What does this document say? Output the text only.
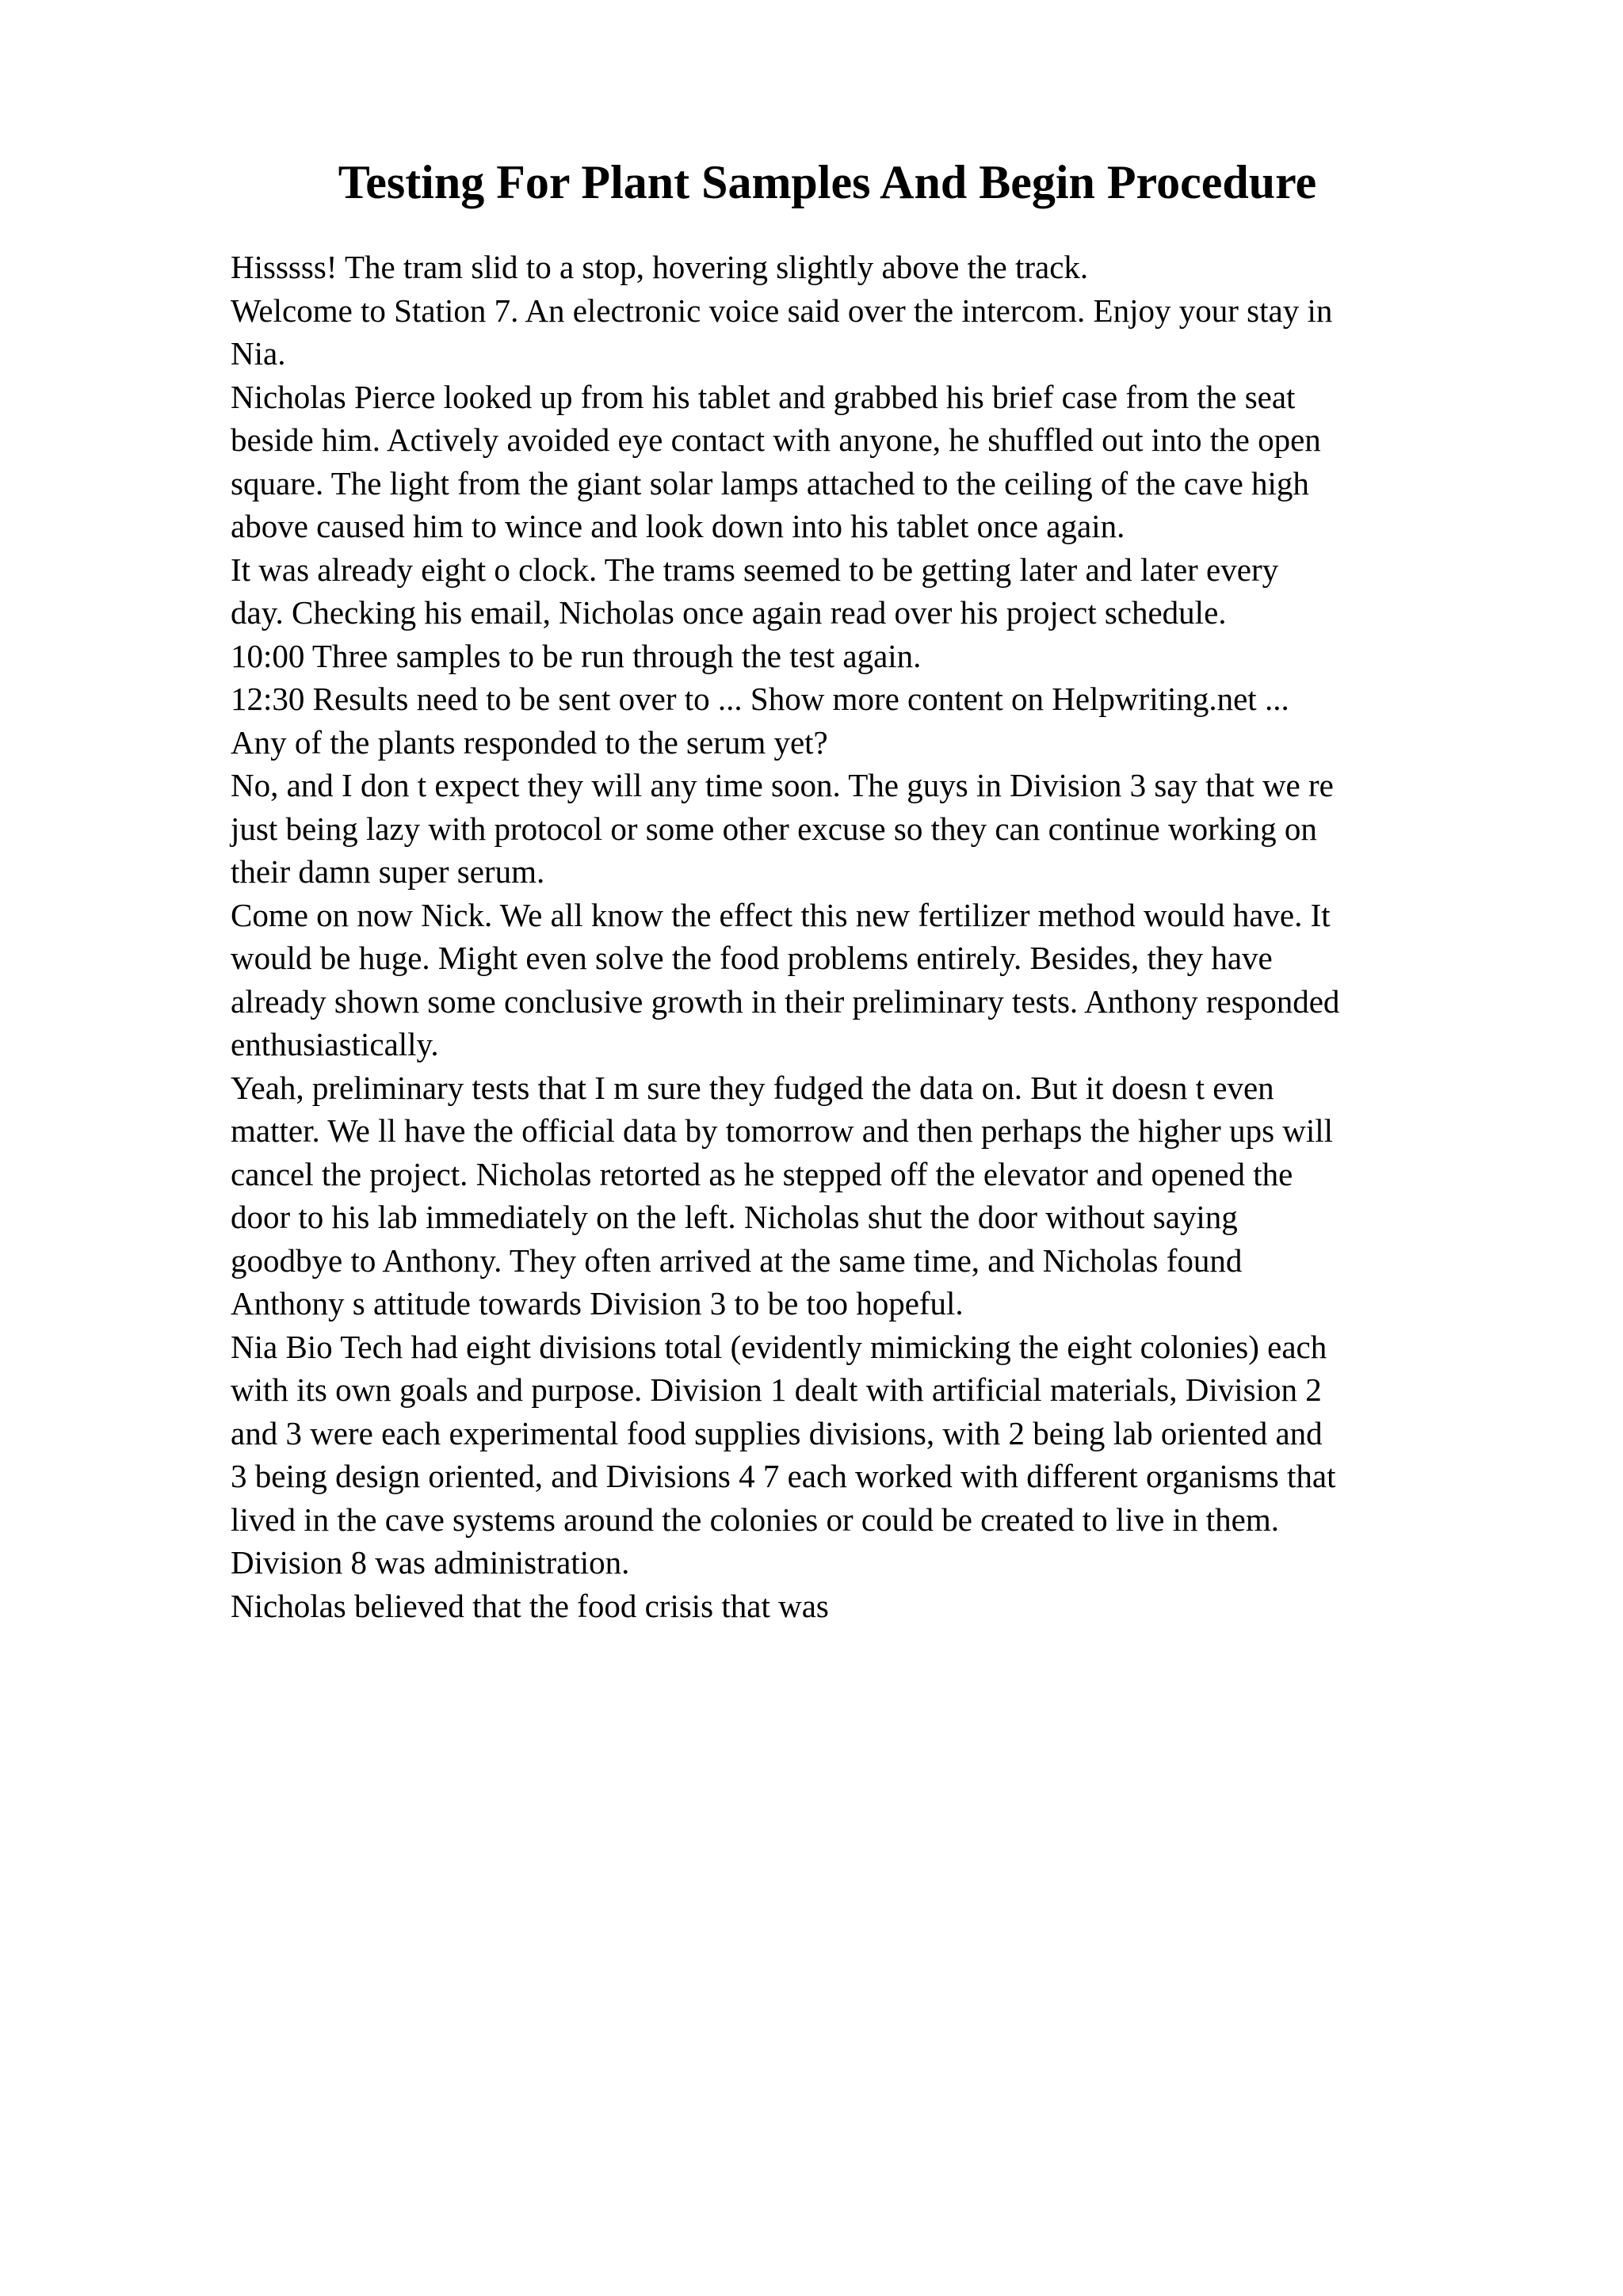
Testing For Plant Samples And Begin Procedure
Hisssss! The tram slid to a stop, hovering slightly above the track.
Welcome to Station 7. An electronic voice said over the intercom. Enjoy your stay in
Nia.
Nicholas Pierce looked up from his tablet and grabbed his brief case from the seat
beside him. Actively avoided eye contact with anyone, he shuffled out into the open
square. The light from the giant solar lamps attached to the ceiling of the cave high
above caused him to wince and look down into his tablet once again.
It was already eight o clock. The trams seemed to be getting later and later every
day. Checking his email, Nicholas once again read over his project schedule.
10:00 Three samples to be run through the test again.
12:30 Results need to be sent over to ... Show more content on Helpwriting.net ...
Any of the plants responded to the serum yet?
No, and I don t expect they will any time soon. The guys in Division 3 say that we re
just being lazy with protocol or some other excuse so they can continue working on
their damn super serum.
Come on now Nick. We all know the effect this new fertilizer method would have. It
would be huge. Might even solve the food problems entirely. Besides, they have
already shown some conclusive growth in their preliminary tests. Anthony responded
enthusiastically.
Yeah, preliminary tests that I m sure they fudged the data on. But it doesn t even
matter. We ll have the official data by tomorrow and then perhaps the higher ups will
cancel the project. Nicholas retorted as he stepped off the elevator and opened the
door to his lab immediately on the left. Nicholas shut the door without saying
goodbye to Anthony. They often arrived at the same time, and Nicholas found
Anthony s attitude towards Division 3 to be too hopeful.
Nia Bio Tech had eight divisions total (evidently mimicking the eight colonies) each
with its own goals and purpose. Division 1 dealt with artificial materials, Division 2
and 3 were each experimental food supplies divisions, with 2 being lab oriented and
3 being design oriented, and Divisions 4 7 each worked with different organisms that
lived in the cave systems around the colonies or could be created to live in them.
Division 8 was administration.
Nicholas believed that the food crisis that was
